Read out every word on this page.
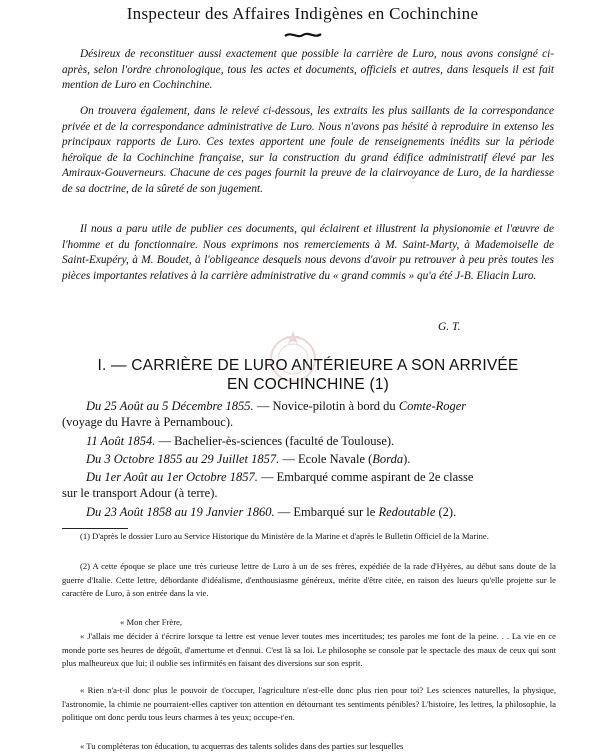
Inspecteur des Affaires Indigènes en Cochinchine

Désireux de reconstituer aussi exactement que possible la carrière de Luro, nous avons consigné ci-après, selon l'ordre chronologique, tous les actes et documents, officiels et autres, dans lesquels il est fait mention de Luro en Cochinchine.

On trouvera également, dans le relevé ci-dessous, les extraits les plus saillants de la correspondance privée et de la correspondance administrative de Luro. Nous n'avons pas hésité à reproduire in extenso les principaux rapports de Luro. Ces textes apportent une foule de renseignements inédits sur la période héroïque de la Cochinchine française, sur la construction du grand édifice administratif élevé par les Amiraux-Gouverneurs. Chacune de ces pages fournit la preuve de la clairvoyance de Luro, de la hardiesse de sa doctrine, de la sûreté de son jugement.

Il nous a paru utile de publier ces documents, qui éclairent et illustrent la physionomie et l'œuvre de l'homme et du fonctionnaire. Nous exprimons nos remerciements à M. Saint-Marty, à Mademoiselle de Saint-Exupéry, à M. Boudet, à l'obligeance desquels nous devons d'avoir pu retrouver à peu près toutes les pièces importantes relatives à la carrière administrative du « grand commis » qu'a été J-B. Eliacin Luro.

G. T.
I. — CARRIÈRE DE LURO ANTÉRIEURE A SON ARRIVÉE
EN COCHINCHINE (1)
Du 25 Août au 5 Décembre 1855. — Novice-pilotin à bord du Comte-Roger
(voyage du Havre à Pernambouc).
11 Août 1854. — Bachelier-ès-sciences (faculté de Toulouse).
Du 3 Octobre 1855 au 29 Juillet 1857. — Ecole Navale (Borda).
Du 1er Août au 1er Octobre 1857. — Embarqué comme aspirant de 2e classe
sur le transport Adour (à terre).
Du 23 Août 1858 au 19 Janvier 1860. — Embarqué sur le Redoutable (2).

(1) D'après le dossier Luro au Service Historique du Ministère de la Marine et d'après le Bulletin Officiel de la Marine.

(2) A cette époque se place une très curieuse lettre de Luro à un de ses frères, expédiée de la rade d'Hyères, au début sans doute de la guerre d'Italie. Cette lettre, débordante d'idéalisme, d'enthousiasme généreux, mérite d'être citée, en raison des lueurs qu'elle projette sur le caractère de Luro, à son entrée dans la vie.

« Mon cher Frère,

« J'allais me décider à t'écrire lorsque ta lettre est venue lever toutes mes incertitudes; tes paroles me font de la peine. . . La vie en ce monde porte ses heures de dégoût, d'amertume et d'ennui. C'est là sa loi. Le philosophe se console par le spectacle des maux de ceux qui sont plus malheureux que lui; il oublie ses infirmités en faisant des diversions sur son esprit.

« Rien n'a-t-il donc plus le pouvoir de t'occuper, l'agriculture n'est-elle donc plus rien pour toi? Les sciences naturelles, la physique, l'astronomie, la chimie ne pourraient-elles captiver ton attention en détournant tes sentiments pénibles? L'histoire, les lettres, la philosophie, la politique ont donc perdu tous leurs charmes à tes yeux; occupe-t'en.

« Tu compléteras ton éducation, tu acquerras des talents solides dans des parties sur lesquelles
